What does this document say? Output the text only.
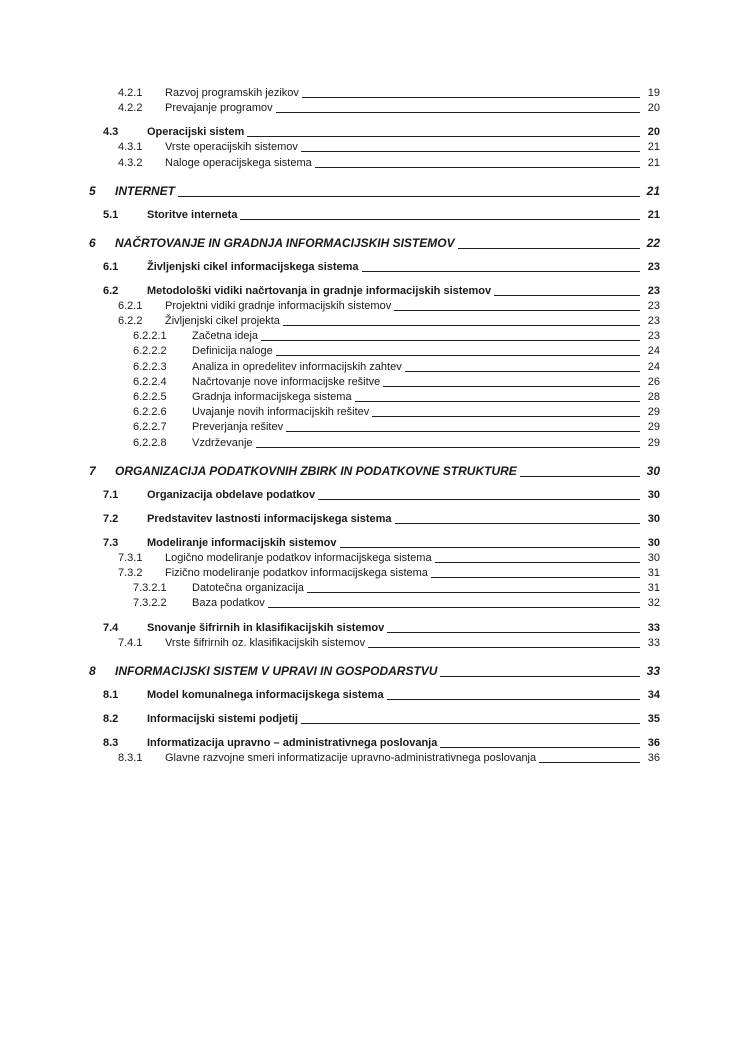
4.2.1	Razvoj programskih jezikov	19
4.2.2	Prevajanje programov	20
4.3	Operacijski sistem	20
4.3.1	Vrste operacijskih sistemov	21
4.3.2	Naloge operacijskega sistema	21
5	INTERNET	21
5.1	Storitve interneta	21
6	NAČRTOVANJE IN GRADNJA INFORMACIJSKIH SISTEMOV	22
6.1	Življenjski cikel informacijskega sistema	23
6.2	Metodološki vidiki načrtovanja in gradnje informacijskih sistemov	23
6.2.1	Projektni vidiki gradnje informacijskih sistemov	23
6.2.2	Življenjski cikel projekta	23
6.2.2.1	Začetna ideja	23
6.2.2.2	Definicija naloge	24
6.2.2.3	Analiza in opredelitev informacijskih zahtev	24
6.2.2.4	Načrtovanje nove informacijske rešitve	26
6.2.2.5	Gradnja informacijskega sistema	28
6.2.2.6	Uvajanje novih informacijskih rešitev	29
6.2.2.7	Preverjanja rešitev	29
6.2.2.8	Vzdrževanje	29
7	ORGANIZACIJA PODATKOVNIH ZBIRK IN PODATKOVNE STRUKTURE	30
7.1	Organizacija obdelave podatkov	30
7.2	Predstavitev lastnosti informacijskega sistema	30
7.3	Modeliranje informacijskih sistemov	30
7.3.1	Logično modeliranje podatkov informacijskega sistema	30
7.3.2	Fizično modeliranje podatkov informacijskega sistema	31
7.3.2.1	Datotečna organizacija	31
7.3.2.2	Baza podatkov	32
7.4	Snovanje šifrirnih in klasifikacijskih sistemov	33
7.4.1	Vrste šifrirnih oz. klasifikacijskih sistemov	33
8	INFORMACIJSKI SISTEM V UPRAVI IN GOSPODARSTVU	33
8.1	Model komunalnega informacijskega sistema	34
8.2	Informacijski sistemi podjetij	35
8.3	Informatizacija upravno – administrativnega poslovanja	36
8.3.1	Glavne razvojne smeri informatizacije upravno-administrativnega poslovanja	36
